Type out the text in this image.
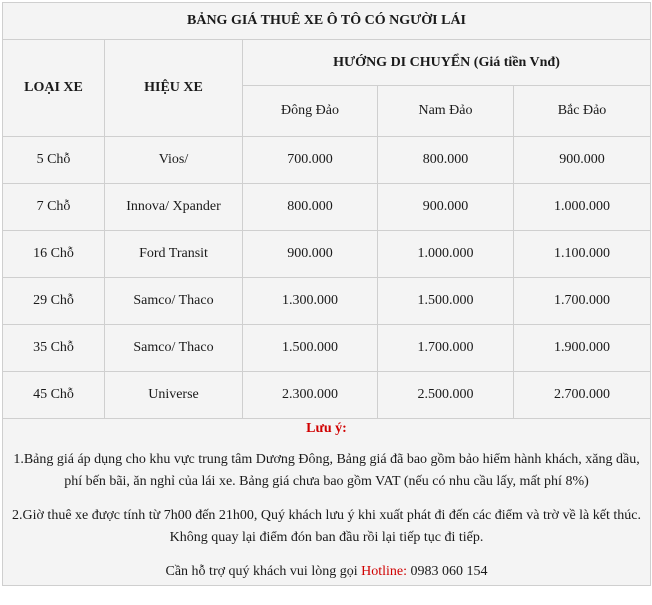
BẢNG GIÁ THUÊ XE Ô TÔ CÓ NGƯỜI LÁI				
LOẠI XE	HIỆU XE	HƯỚNG DI CHUYỂN (Giá tiền Vnđ)		
		Đông Đảo	Nam Đảo	Bắc Đảo
5 Chỗ	Vios/	700.000	800.000	900.000
7 Chỗ	Innova/ Xpander	800.000	900.000	1.000.000
16 Chỗ	Ford Transit	900.000	1.000.000	1.100.000
29 Chỗ	Samco/ Thaco	1.300.000	1.500.000	1.700.000
35 Chỗ	Samco/ Thaco	1.500.000	1.700.000	1.900.000
45 Chỗ	Universe	2.300.000	2.500.000	2.700.000

Lưu ý:

1.Bảng giá áp dụng cho khu vực trung tâm Dương Đông, Bảng giá đã bao gồm bảo hiểm hành khách, xăng dầu, phí bến bãi, ăn nghỉ của lái xe. Bảng giá chưa bao gồm VAT (nếu có nhu cầu lấy, mất phí 8%)

2.Giờ thuê xe được tính từ 7h00 đến 21h00, Quý khách lưu ý khi xuất phát đi đến các điểm và trờ về là kết thúc. Không quay lại điểm đón ban đầu rồi lại tiếp tục đi tiếp.

Cần hỗ trợ quý khách vui lòng gọi Hotline: 0983 060 154				
